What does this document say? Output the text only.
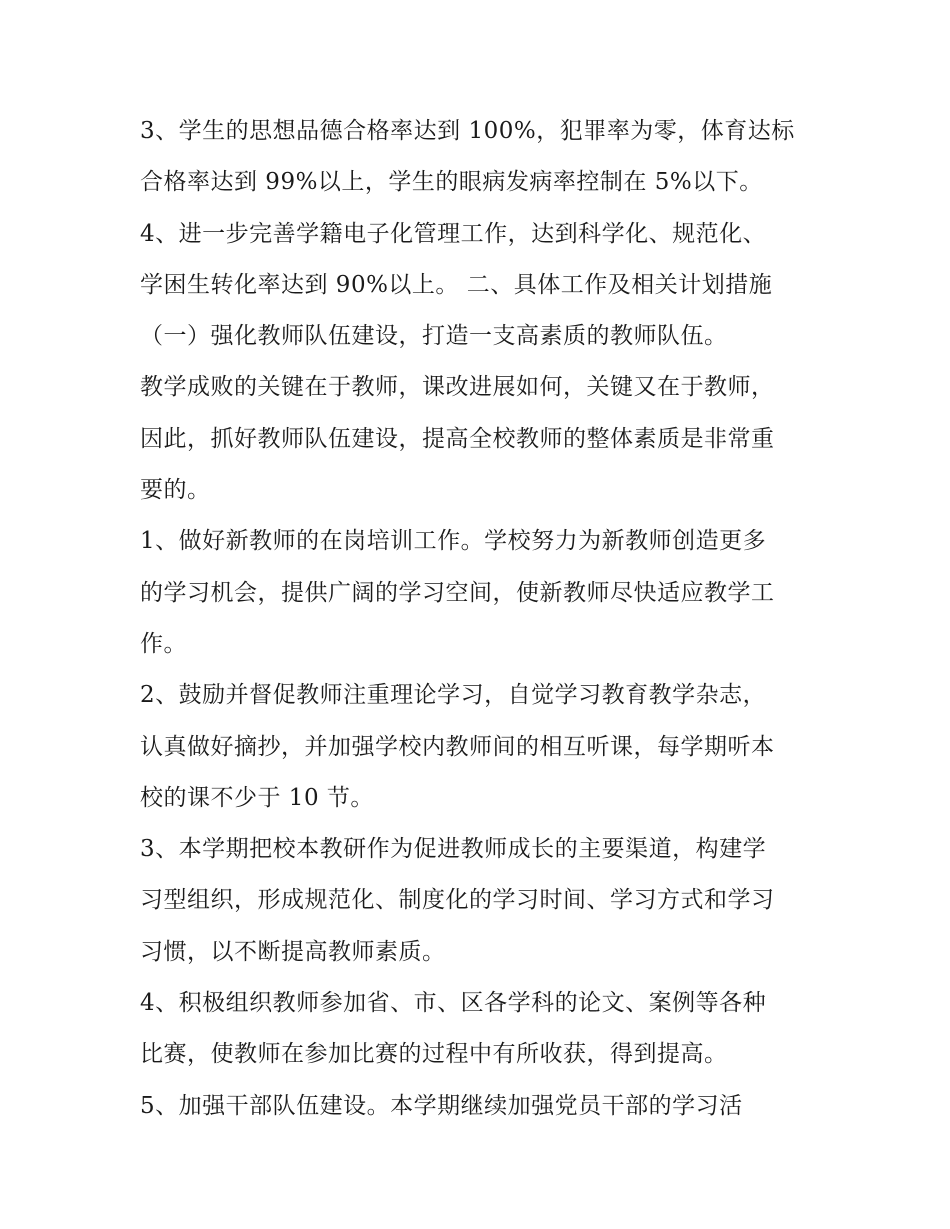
3、学生的思想品德合格率达到 100%，犯罪率为零，体育达标
合格率达到 99%以上，学生的眼病发病率控制在 5%以下。
4、进一步完善学籍电子化管理工作，达到科学化、规范化、
学困生转化率达到 90%以上。 二、具体工作及相关计划措施
（一）强化教师队伍建设，打造一支高素质的教师队伍。
教学成败的关键在于教师，课改进展如何，关键又在于教师，
因此，抓好教师队伍建设，提高全校教师的整体素质是非常重
要的。
1、做好新教师的在岗培训工作。学校努力为新教师创造更多
的学习机会，提供广阔的学习空间，使新教师尽快适应教学工
作。
2、鼓励并督促教师注重理论学习，自觉学习教育教学杂志，
认真做好摘抄，并加强学校内教师间的相互听课，每学期听本
校的课不少于 10 节。
3、本学期把校本教研作为促进教师成长的主要渠道，构建学
习型组织，形成规范化、制度化的学习时间、学习方式和学习
习惯，以不断提高教师素质。
4、积极组织教师参加省、市、区各学科的论文、案例等各种
比赛，使教师在参加比赛的过程中有所收获，得到提高。
5、加强干部队伍建设。本学期继续加强党员干部的学习活
